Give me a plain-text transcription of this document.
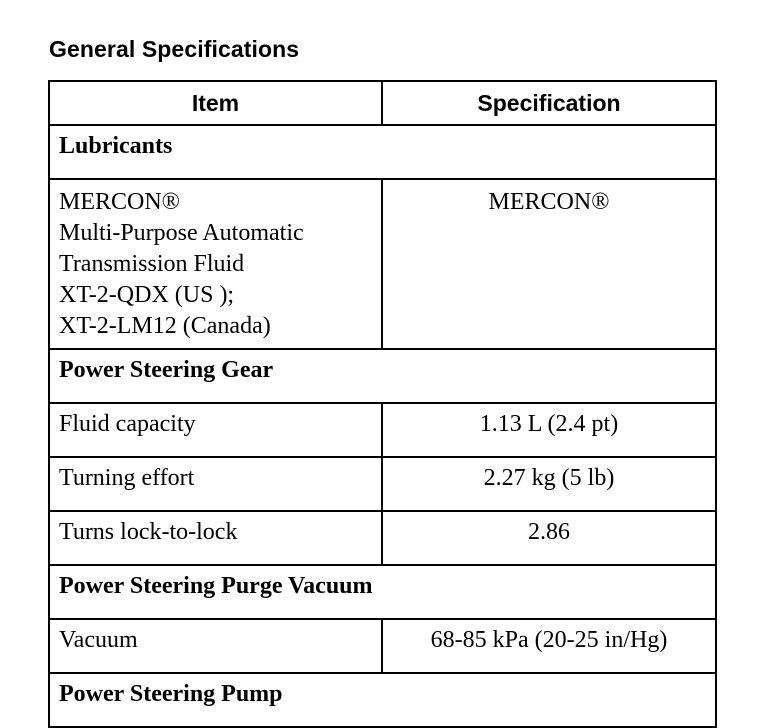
General Specifications
Item	Specification
Lubricants	

MERCON®
Multi-Purpose Automatic
Transmission Fluid
XT-2-QDX (US );
XT-2-LM12 (Canada)	MERCON®
Power Steering Gear	
Fluid capacity	1.13 L (2.4 pt)
Turning effort	2.27 kg (5 lb)
Turns lock-to-lock	2.86
Power Steering Purge Vacuum	
Vacuum	68-85 kPa (20-25 in/Hg)
Power Steering Pump	
